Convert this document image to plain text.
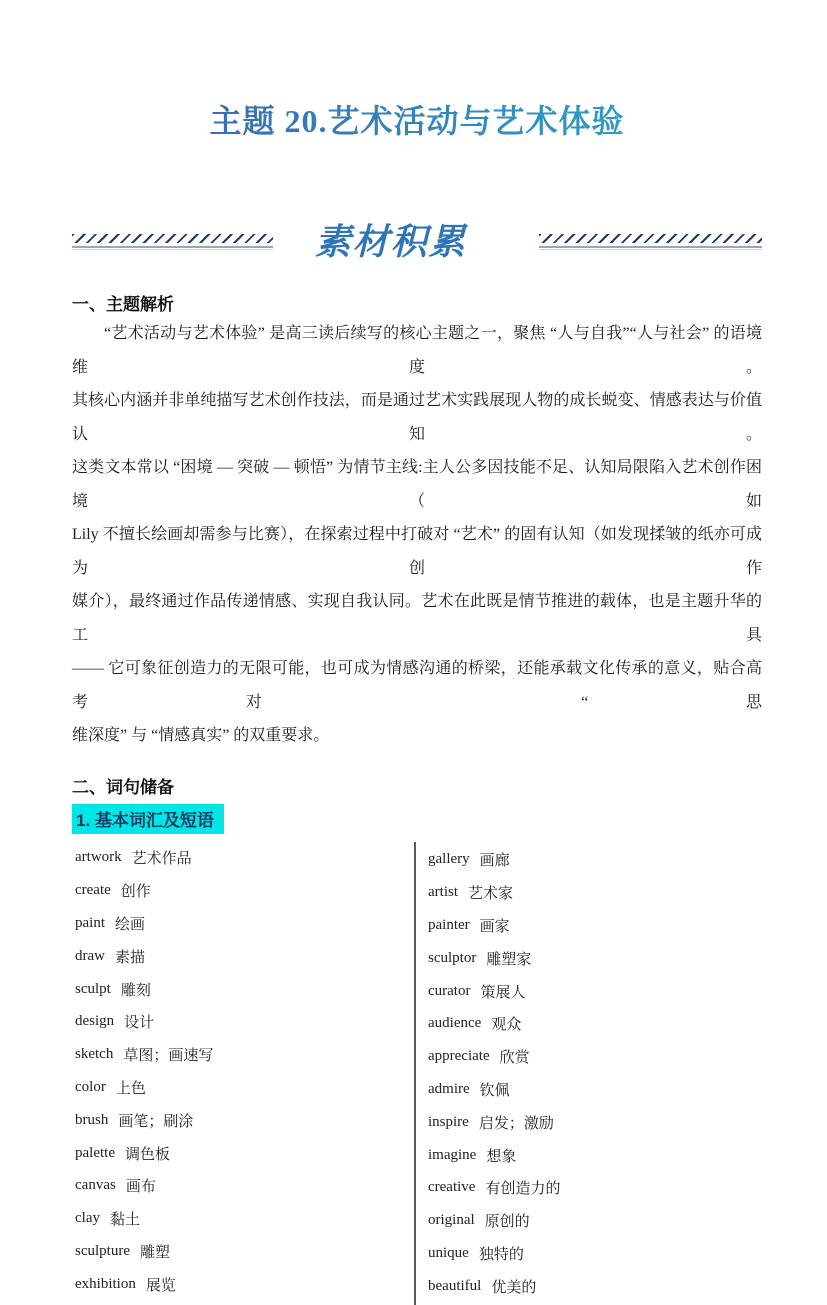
主题 20.艺术活动与艺术体验
素材积累
一、主题解析
“艺术活动与艺术体验” 是高三读后续写的核心主题之一，聚焦 “人与自我”“人与社会” 的语境维度。
其核心内涵并非单纯描写艺术创作技法，而是通过艺术实践展现人物的成长蜕变、情感表达与价值认知。
这类文本常以 “困境 — 突破 — 顿悟” 为情节主线:主人公多因技能不足、认知局限陷入艺术创作困境（如
Lily 不擅长绘画却需参与比赛），在探索过程中打破对 “艺术” 的固有认知（如发现揉皱的纸亦可成为创作
媒介），最终通过作品传递情感、实现自我认同。艺术在此既是情节推进的载体，也是主题升华的工具
—— 它可象征创造力的无限可能，也可成为情感沟通的桥梁，还能承载文化传承的意义，贴合高考对 “思
维深度” 与 “情感真实” 的双重要求。
二、词句储备
1. 基本词汇及短语
artwork 艺术作品
create 创作
paint 绘画
draw 素描
sculpt 雕刻
design 设计
sketch 草图；画速写
color 上色
brush 画笔；刷涂
palette 调色板
canvas 画布
clay 黏土
sculpture 雕塑
exhibition 展览
gallery 画廊
artist 艺术家
painter 画家
sculptor 雕塑家
curator 策展人
audience 观众
appreciate 欣赏
admire 钦佩
inspire 启发；激励
imagine 想象
creative 有创造力的
original 原创的
unique 独特的
beautiful 优美的
